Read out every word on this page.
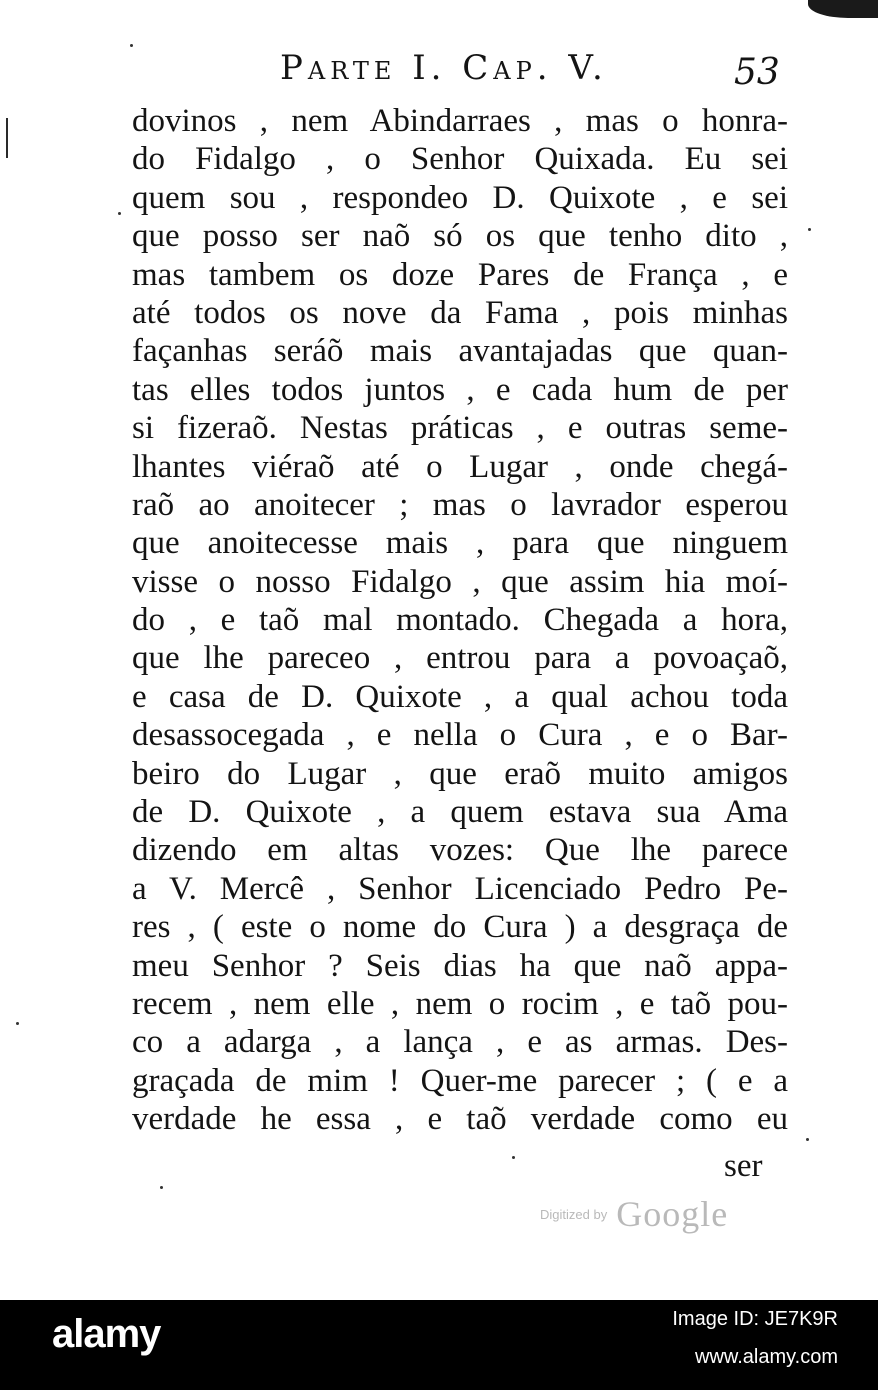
Parte I. Cap. V.	53
dovinos , nem Abindarraes , mas o honra-
do Fidalgo , o Senhor Quixada. Eu sei
quem sou , respondeo D. Quixote , e sei
que posso ser naõ só os que tenho dito ,
mas tambem os doze Pares de França , e
até todos os nove da Fama , pois minhas
façanhas seráõ mais avantajadas que quan-
tas elles todos juntos , e cada hum de per
si fizeraõ. Nestas práticas , e outras seme-
lhantes viéraõ até o Lugar , onde chegá-
raõ ao anoitecer ; mas o lavrador esperou
que anoitecesse mais , para que ninguem
visse o nosso Fidalgo , que assim hia moí-
do , e taõ mal montado. Chegada a hora,
que lhe pareceo , entrou para a povoaçaõ,
e casa de D. Quixote , a qual achou toda
desassocegada , e nella o Cura , e o Bar-
beiro do Lugar , que eraõ muito amigos
de D. Quixote , a quem estava sua Ama
dizendo em altas vozes: Que lhe parece
a V. Mercê , Senhor Licenciado Pedro Pe-
res , ( este o nome do Cura ) a desgraça de
meu Senhor ? Seis dias ha que naõ appa-
recem , nem elle , nem o rocim , e taõ pou-
co a adarga , a lança , e as armas. Des-
graçada de mim ! Quer-me parecer ; ( e a
verdade he essa , e taõ verdade como eu
ser
Digitized by Google
alamy	Image ID: JE7K9R
www.alamy.com
